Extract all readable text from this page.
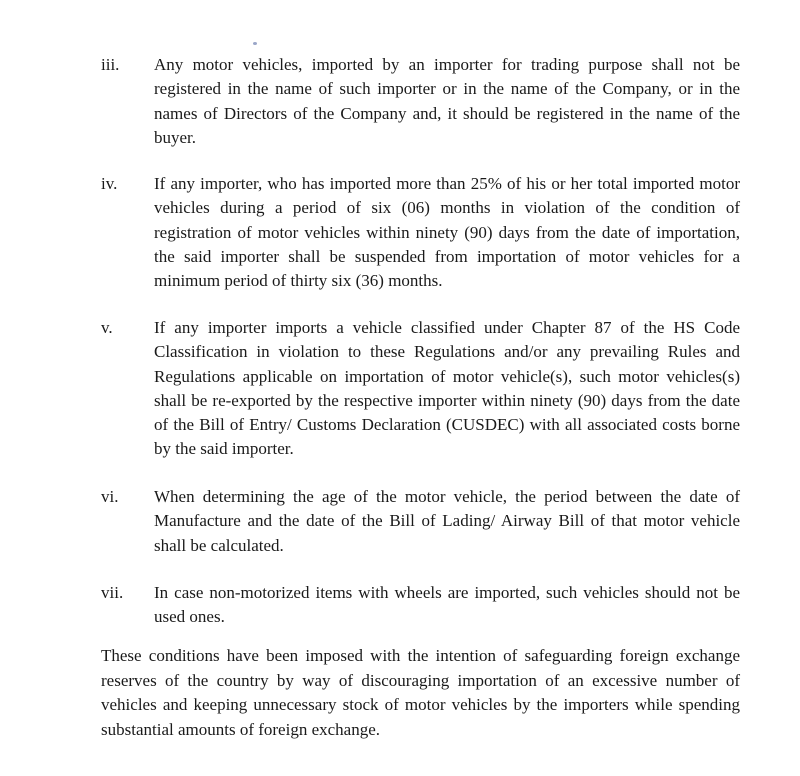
iii. Any motor vehicles, imported by an importer for trading purpose shall not be registered in the name of such importer or in the name of the Company, or in the names of Directors of the Company and, it should be registered in the name of the buyer.

iv. If any importer, who has imported more than 25% of his or her total imported motor vehicles during a period of six (06) months in violation of the condition of registration of motor vehicles within ninety (90) days from the date of importation, the said importer shall be suspended from importation of motor vehicles for a minimum period of thirty six (36) months.

v. If any importer imports a vehicle classified under Chapter 87 of the HS Code Classification in violation to these Regulations and/or any prevailing Rules and Regulations applicable on importation of motor vehicle(s), such motor vehicles(s) shall be re-exported by the respective importer within ninety (90) days from the date of the Bill of Entry/ Customs Declaration (CUSDEC) with all associated costs borne by the said importer.

vi. When determining the age of the motor vehicle, the period between the date of Manufacture and the date of the Bill of Lading/ Airway Bill of that motor vehicle shall be calculated.

vii. In case non-motorized items with wheels are imported, such vehicles should not be used ones.

These conditions have been imposed with the intention of safeguarding foreign exchange reserves of the country by way of discouraging importation of an excessive number of vehicles and keeping unnecessary stock of motor vehicles by the importers while spending substantial amounts of foreign exchange.
